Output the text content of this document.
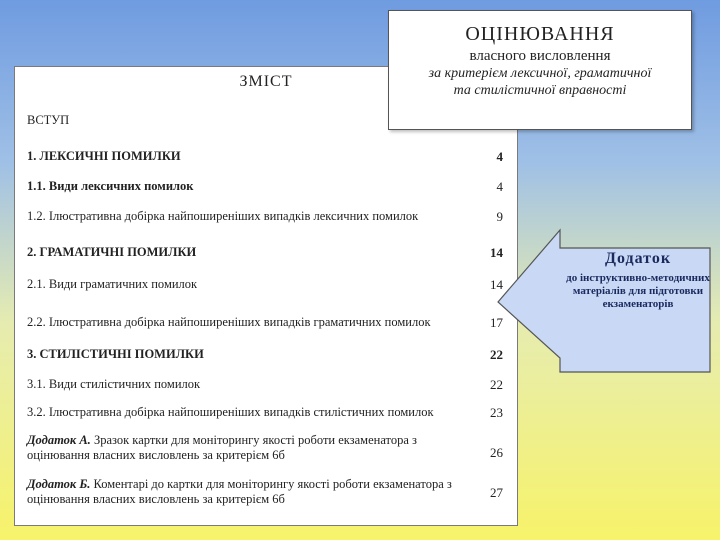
ЗМІСТ
ВСТУП
1. ЛЕКСИЧНІ ПОМИЛКИ	4
1.1. Види лексичних помилок	4
1.2. Ілюстративна добірка найпоширеніших випадків лексичних помилок	9
2. ГРАМАТИЧНІ ПОМИЛКИ	14
2.1. Види граматичних помилок	14
2.2. Ілюстративна добірка найпоширеніших випадків граматичних помилок	17
3. СТИЛІСТИЧНІ ПОМИЛКИ	22
3.1. Види стилістичних помилок	22
3.2. Ілюстративна добірка найпоширеніших випадків стилістичних помилок	23
Додаток А. Зразок картки для моніторингу якості роботи екзаменатора з оцінювання власних висловлень за критерієм 6б	26
Додаток Б. Коментарі до картки для моніторингу якості роботи екзаменатора з оцінювання власних висловлень за критерієм 6б	27
ОЦІНЮВАННЯ
власного висловлення
за критерієм лексичної, граматичної
та стилістичної вправності
Додаток
до інструктивно-методичних матеріалів для підготовки екзаменаторів
